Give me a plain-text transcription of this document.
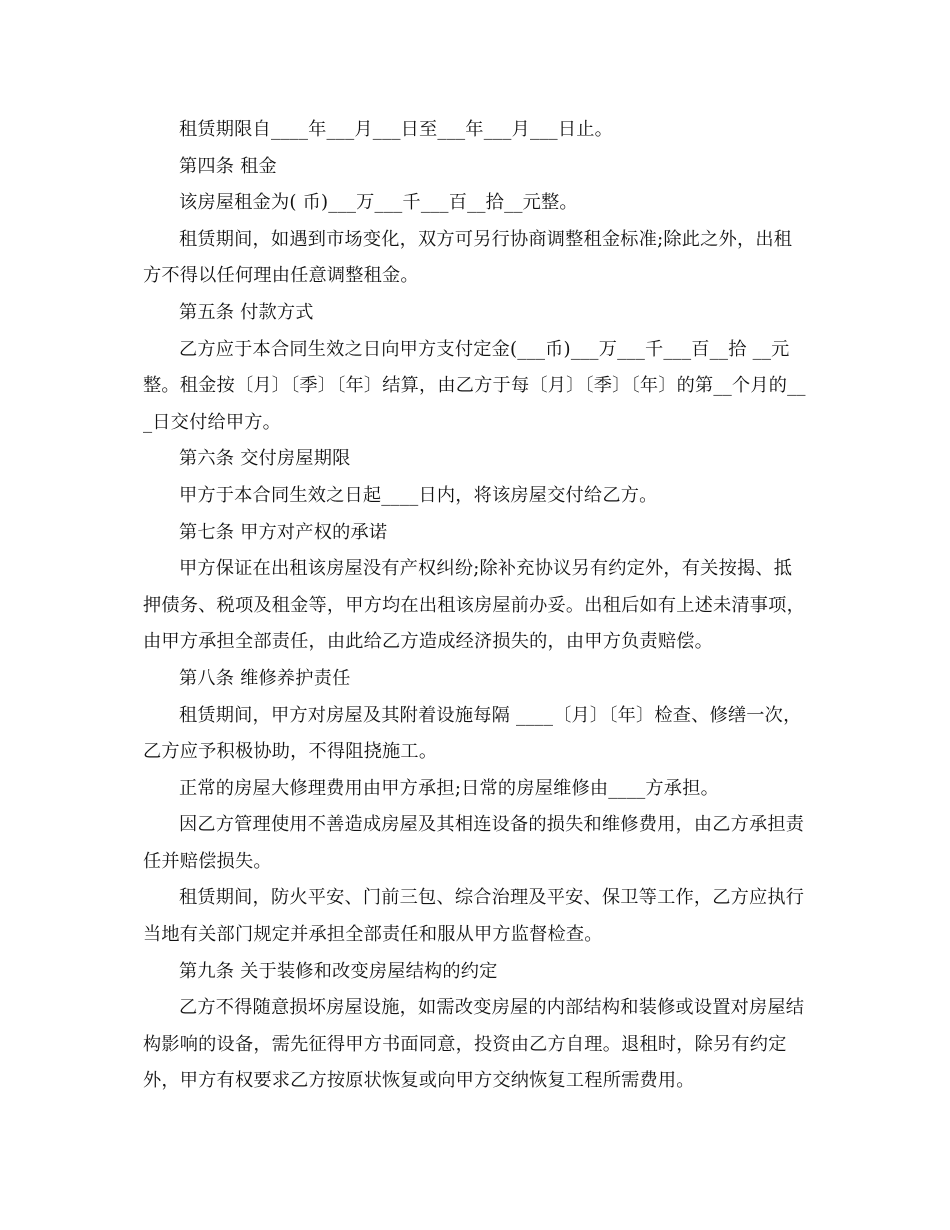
租赁期限自____年___月___日至___年___月___日止。

第四条 租金

该房屋租金为( 币)___万___千___百__拾__元整。

租赁期间，如遇到市场变化，双方可另行协商调整租金标准;除此之外，出租方不得以任何理由任意调整租金。

第五条 付款方式

乙方应于本合同生效之日向甲方支付定金(___币)___万___千___百__拾 __元整。租金按〔月〕〔季〕〔年〕结算，由乙方于每〔月〕〔季〕〔年〕的第__个月的___日交付给甲方。

第六条 交付房屋期限

甲方于本合同生效之日起____日内，将该房屋交付给乙方。

第七条 甲方对产权的承诺

甲方保证在出租该房屋没有产权纠纷;除补充协议另有约定外，有关按揭、抵押债务、税项及租金等，甲方均在出租该房屋前办妥。出租后如有上述未清事项，由甲方承担全部责任，由此给乙方造成经济损失的，由甲方负责赔偿。

第八条 维修养护责任

租赁期间，甲方对房屋及其附着设施每隔 ____〔月〕〔年〕检查、修缮一次，乙方应予积极协助，不得阻挠施工。

正常的房屋大修理费用由甲方承担;日常的房屋维修由____方承担。

因乙方管理使用不善造成房屋及其相连设备的损失和维修费用，由乙方承担责任并赔偿损失。

租赁期间，防火平安、门前三包、综合治理及平安、保卫等工作，乙方应执行当地有关部门规定并承担全部责任和服从甲方监督检查。

第九条 关于装修和改变房屋结构的约定

乙方不得随意损坏房屋设施，如需改变房屋的内部结构和装修或设置对房屋结构影响的设备，需先征得甲方书面同意，投资由乙方自理。退租时，除另有约定外，甲方有权要求乙方按原状恢复或向甲方交纳恢复工程所需费用。
